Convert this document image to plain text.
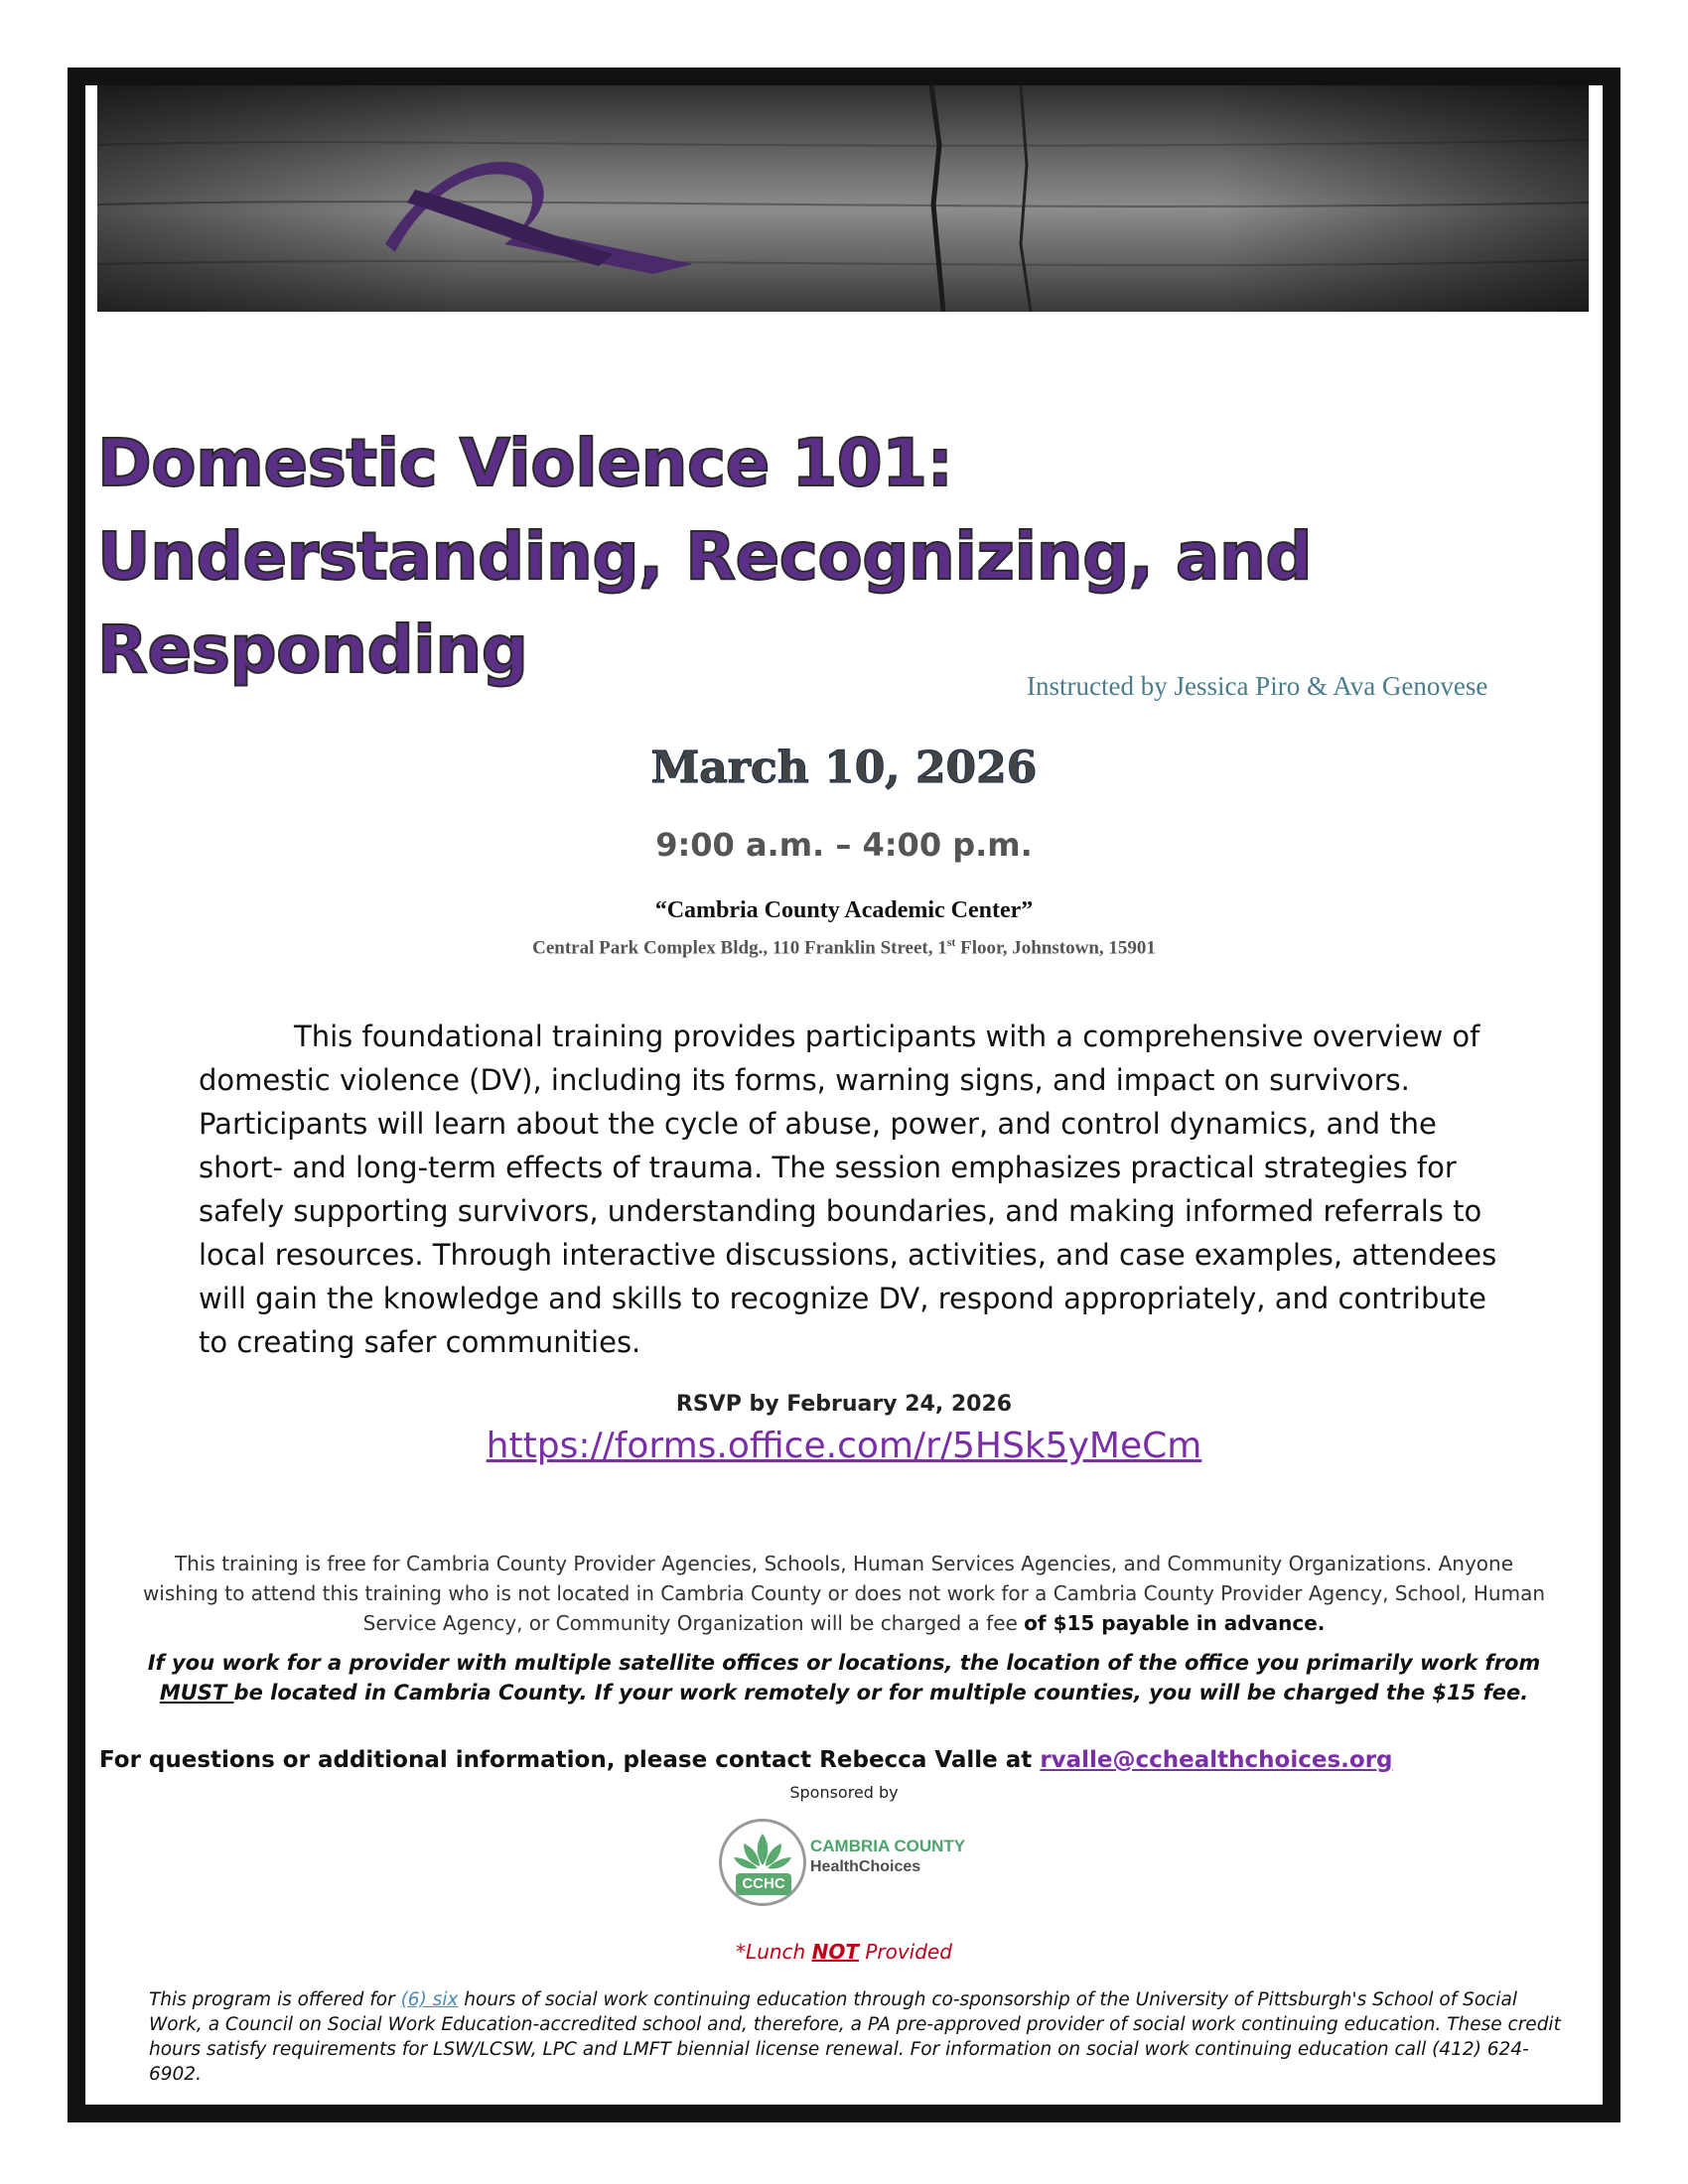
Domestic Violence 101:
Understanding, Recognizing, and
Responding	Instructed by Jessica Piro & Ava Genovese
March 10, 2026
9:00 a.m. – 4:00 p.m.
“Cambria County Academic Center”
Central Park Complex Bldg., 110 Franklin Street, 1st Floor, Johnstown, 15901
This foundational training provides participants with a comprehensive overview of domestic violence (DV), including its forms, warning signs, and impact on survivors. Participants will learn about the cycle of abuse, power, and control dynamics, and the short- and long-term effects of trauma. The session emphasizes practical strategies for safely supporting survivors, understanding boundaries, and making informed referrals to local resources. Through interactive discussions, activities, and case examples, attendees will gain the knowledge and skills to recognize DV, respond appropriately, and contribute to creating safer communities.
RSVP by February 24, 2026
https://forms.office.com/r/5HSk5yMeCm
This training is free for Cambria County Provider Agencies, Schools, Human Services Agencies, and Community Organizations. Anyone wishing to attend this training who is not located in Cambria County or does not work for a Cambria County Provider Agency, School, Human Service Agency, or Community Organization will be charged a fee of $15 payable in advance.
If you work for a provider with multiple satellite offices or locations, the location of the office you primarily work from MUST be located in Cambria County. If your work remotely or for multiple counties, you will be charged the $15 fee.
For questions or additional information, please contact Rebecca Valle at rvalle@cchealthchoices.org
Sponsored by
CCHC
CAMBRIA COUNTY
HealthChoices
*Lunch NOT Provided
This program is offered for (6) six hours of social work continuing education through co-sponsorship of the University of Pittsburgh's School of Social Work, a Council on Social Work Education-accredited school and, therefore, a PA pre-approved provider of social work continuing education. These credit hours satisfy requirements for LSW/LCSW, LPC and LMFT biennial license renewal. For information on social work continuing education call (412) 624-6902.
